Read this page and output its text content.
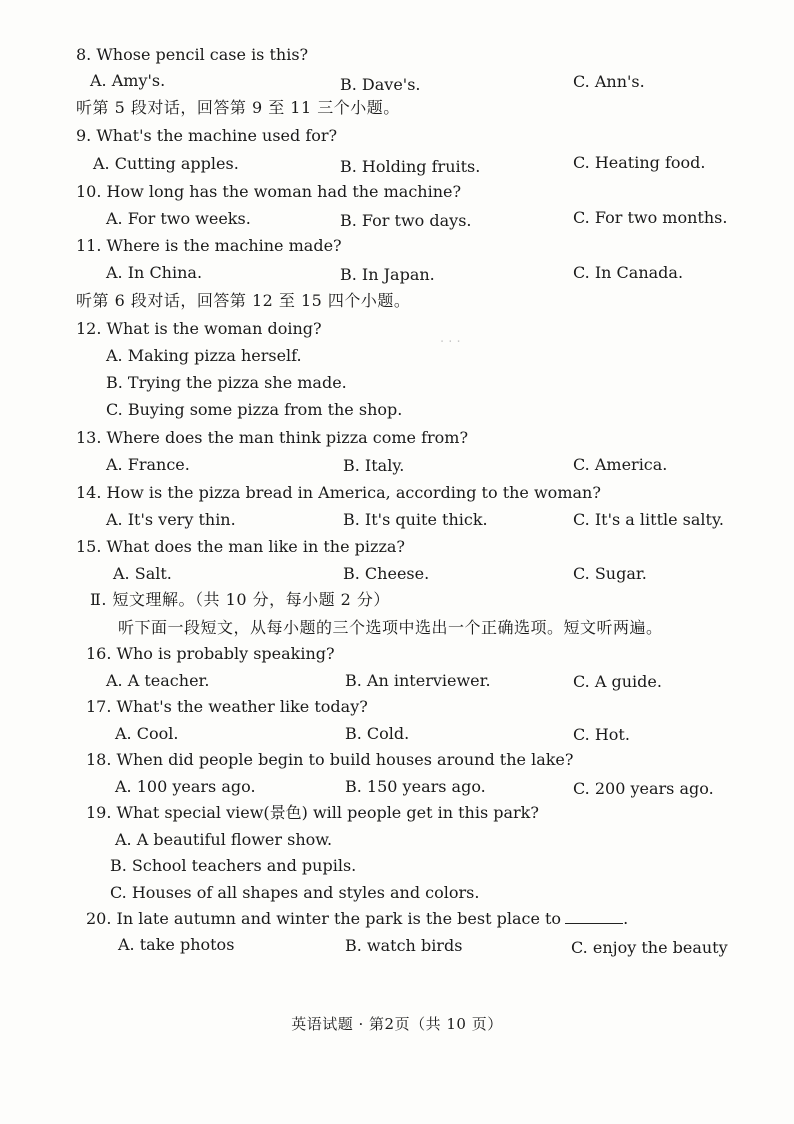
· · ·
8. Whose pencil case is this?
A. Amy's.	B. Dave's.	C. Ann's.
听第 5 段对话，回答第 9 至 11 三个小题。
9. What's the machine used for?
A. Cutting apples.	B. Holding fruits.	C. Heating food.
10. How long has the woman had the machine?
A. For two weeks.	B. For two days.	C. For two months.
11. Where is the machine made?
A. In China.	B. In Japan.	C. In Canada.
听第 6 段对话，回答第 12 至 15 四个小题。
12. What is the woman doing?
A. Making pizza herself.
B. Trying the pizza she made.
C. Buying some pizza from the shop.
13. Where does the man think pizza come from?
A. France.	B. Italy.	C. America.
14. How is the pizza bread in America, according to the woman?
A. It's very thin.	B. It's quite thick.	C. It's a little salty.
15. What does the man like in the pizza?
A. Salt.	B. Cheese.	C. Sugar.
Ⅱ. 短文理解。（共 10 分，每小题 2 分）
听下面一段短文，从每小题的三个选项中选出一个正确选项。短文听两遍。
16. Who is probably speaking?
A. A teacher.	B. An interviewer.	C. A guide.
17. What's the weather like today?
A. Cool.	B. Cold.	C. Hot.
18. When did people begin to build houses around the lake?
A. 100 years ago.	B. 150 years ago.	C. 200 years ago.
19. What special view(景色) will people get in this park?
A. A beautiful flower show.
B. School teachers and pupils.
C. Houses of all shapes and styles and colors.
20. In late autumn and winter the park is the best place to	.
A. take photos	B. watch birds	C. enjoy the beauty
英语试题 · 第2页（共 10 页）
